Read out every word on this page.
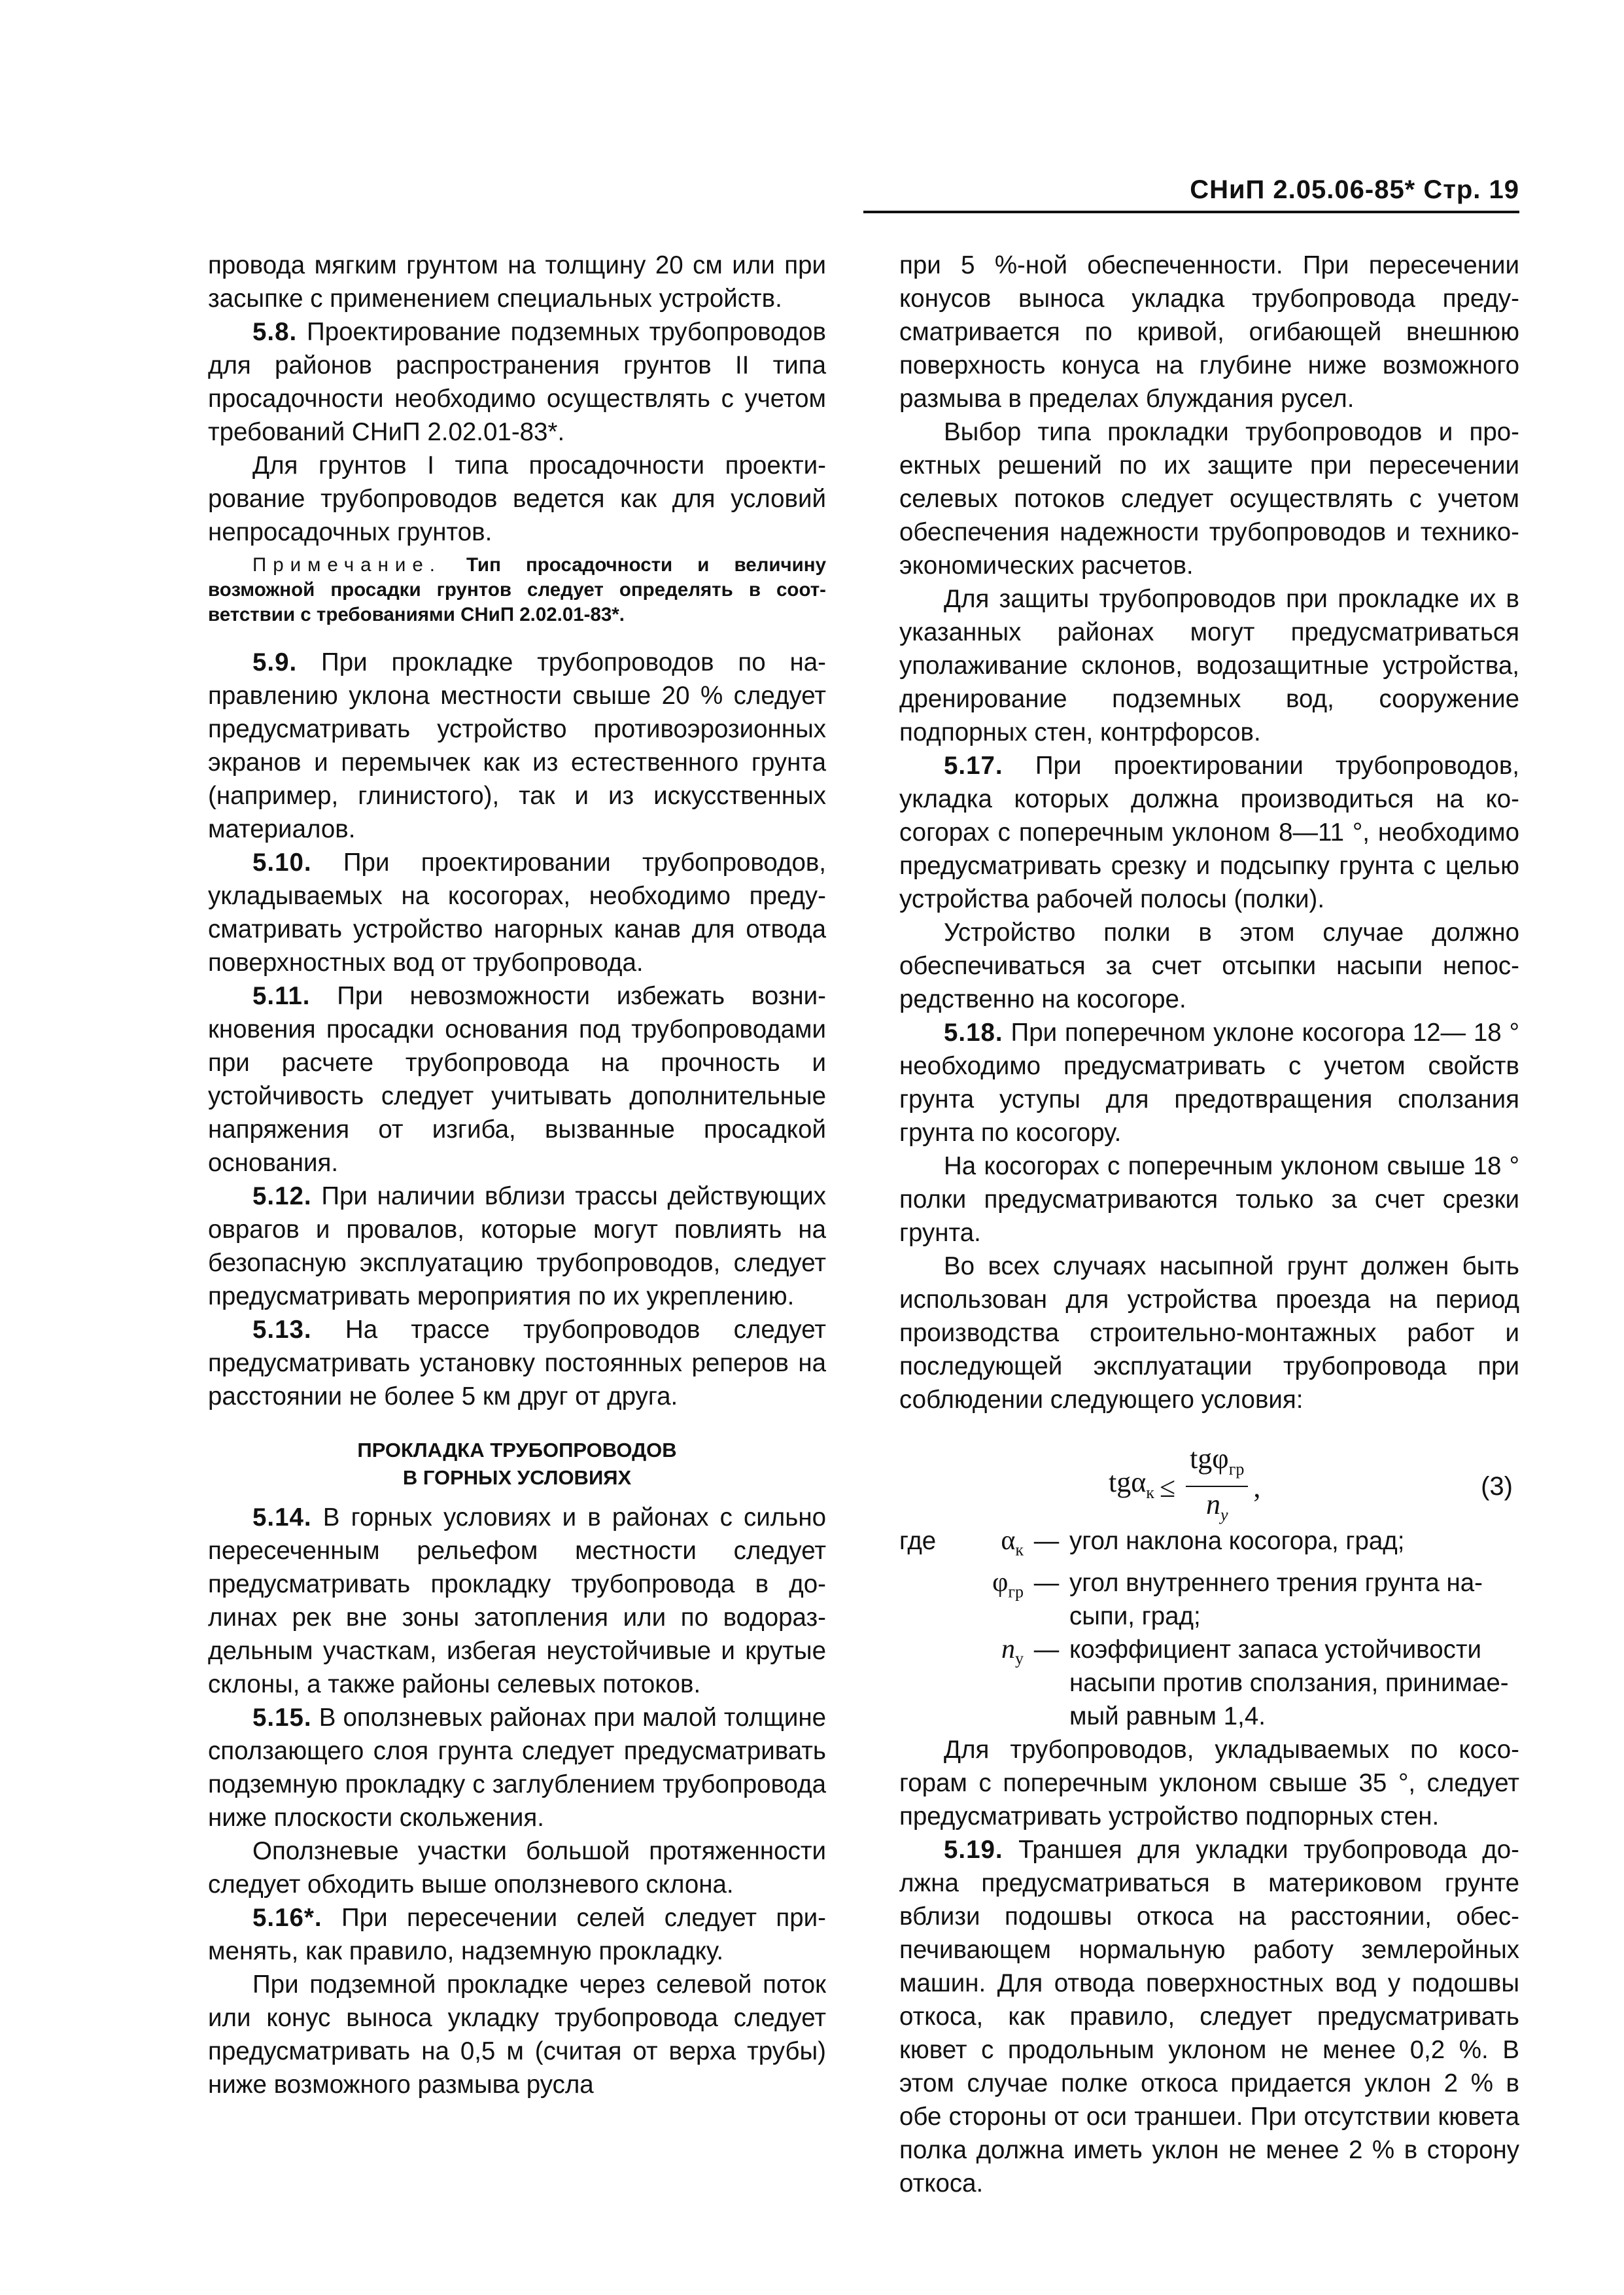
СНиП 2.05.06-85* Стр. 19

провода мягким грунтом на толщину 20 см или при засыпке с применением специальных устройств.

5.8. Проектирование подземных трубопроводов для районов распространения грунтов II типа просадочности необходимо осуществлять с учетом требований СНиП 2.02.01-83*.

Для грунтов I типа просадочности проектирование трубопроводов ведется как для условий непросадочных грунтов.

Примечание. Тип просадочности и величину возможной просадки грунтов следует определять в соответствии с требованиями СНиП 2.02.01-83*.

5.9. При прокладке трубопроводов по направлению уклона местности свыше 20 % следует предусматривать устройство противоэрозионных экранов и перемычек как из естественного грунта (например, глинистого), так и из искусственных материалов.

5.10. При проектировании трубопроводов, укладываемых на косогорах, необходимо предусматривать устройство нагорных канав для отвода поверхностных вод от трубопровода.

5.11. При невозможности избежать возникновения просадки основания под трубопроводами при расчете трубопровода на прочность и устойчивость следует учитывать дополнительные напряжения от изгиба, вызванные просадкой основания.

5.12. При наличии вблизи трассы действующих оврагов и провалов, которые могут повлиять на безопасную эксплуатацию трубопроводов, следует предусматривать мероприятия по их укреплению.

5.13. На трассе трубопроводов следует предусматривать установку постоянных реперов на расстоянии не более 5 км друг от друга.

ПРОКЛАДКА ТРУБОПРОВОДОВ
В ГОРНЫХ УСЛОВИЯХ

5.14. В горных условиях и в районах с сильно пересеченным рельефом местности следует предусматривать прокладку трубопровода в долинах рек вне зоны затопления или по водораздельным участкам, избегая неустойчивые и крутые склоны, а также районы селевых потоков.

5.15. В оползневых районах при малой толщине сползающего слоя грунта следует предусматривать подземную прокладку с заглублением трубопровода ниже плоскости скольжения.

Оползневые участки большой протяженности следует обходить выше оползневого склона.

5.16*. При пересечении селей следует применять, как правило, надземную прокладку.

При подземной прокладке через селевой поток или конус выноса укладку трубопровода следует предусматривать на 0,5 м (считая от верха трубы) ниже возможного размыва русла

при 5 %-ной обеспеченности. При пересечении конусов выноса укладка трубопровода предусматривается по кривой, огибающей внешнюю поверхность конуса на глубине ниже возможного размыва в пределах блуждания русел.

Выбор типа прокладки трубопроводов и проектных решений по их защите при пересечении селевых потоков следует осуществлять с учетом обеспечения надежности трубопроводов и технико-экономических расчетов.

Для защиты трубопроводов при прокладке их в указанных районах могут предусматриваться уполаживание склонов, водозащитные устройства, дренирование подземных вод, сооружение подпорных стен, контрфорсов.

5.17. При проектировании трубопроводов, укладка которых должна производиться на косогорах с поперечным уклоном 8—11 °, необходимо предусматривать срезку и подсыпку грунта с целью устройства рабочей полосы (полки).

Устройство полки в этом случае должно обеспечиваться за счет отсыпки насыпи непосредственно на косогоре.

5.18. При поперечном уклоне косогора 12— 18 ° необходимо предусматривать с учетом свойств грунта уступы для предотвращения сползания грунта по косогору.

На косогорах с поперечным уклоном свыше 18 ° полки предусматриваются только за счет срезки грунта.

Во всех случаях насыпной грунт должен быть использован для устройства проезда на период производства строительно-монтажных работ и последующей эксплуатации трубопровода при соблюдении следующего условия:

$tg\alpha_к \le \frac{tg\varphi_{гр}}{n_у}$ ,	(3)
где	$\alpha_к$ — угол наклона косогора, град;
$\varphi_{гр}$ — угол внутреннего трения грунта насыпи, град;
$n_у$ — коэффициент запаса устойчивости насыпи против сползания, принимаемый равным 1,4.

Для трубопроводов, укладываемых по косогорам с поперечным уклоном свыше 35 °, следует предусматривать устройство подпорных стен.

5.19. Траншея для укладки трубопровода должна предусматриваться в материковом грунте вблизи подошвы откоса на расстоянии, обеспечивающем нормальную работу землеройных машин. Для отвода поверхностных вод у подошвы откоса, как правило, следует предусматривать кювет с продольным уклоном не менее 0,2 %. В этом случае полке откоса придается уклон 2 % в обе стороны от оси траншеи. При отсутствии кювета полка должна иметь уклон не менее 2 % в сторону откоса.
